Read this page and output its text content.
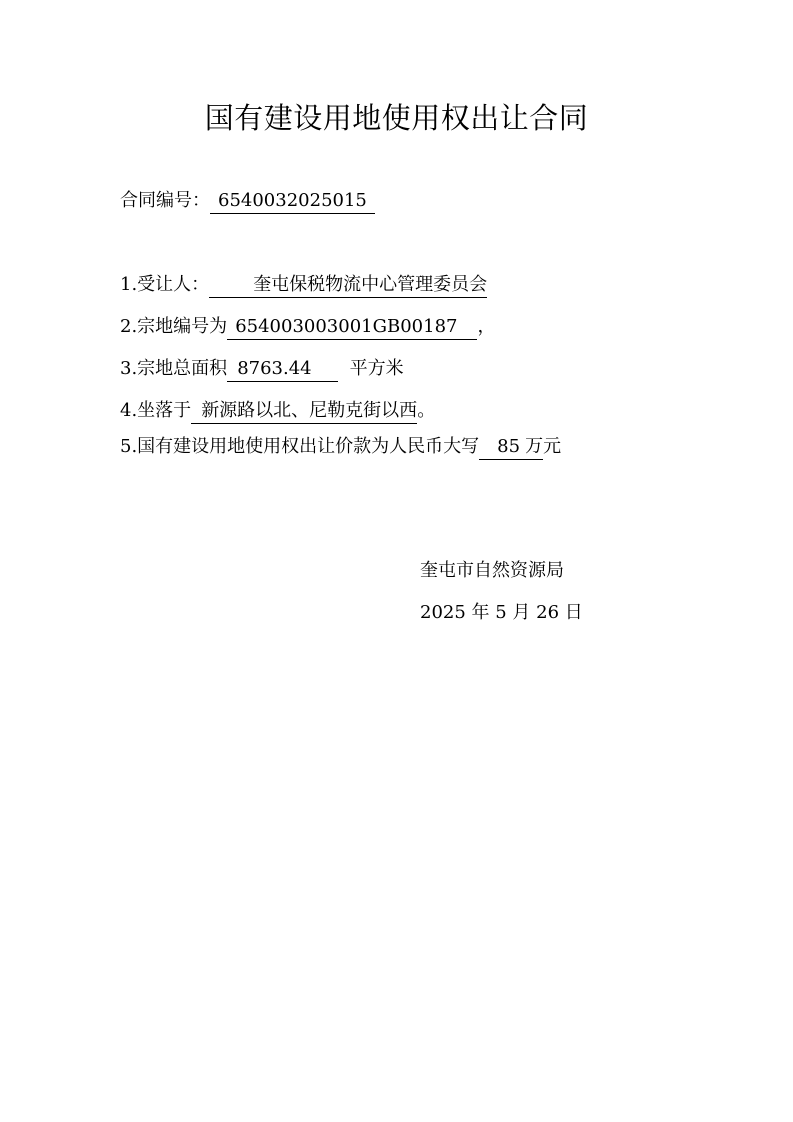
国有建设用地使用权出让合同
合同编号： 6540032025015
1.受让人： 奎屯保税物流中心管理委员会
2.宗地编号为 654003003001GB00187 ，
3.宗地总面积 8763.44 平方米
4.坐落于 新源路以北、尼勒克街以西。
5.国有建设用地使用权出让价款为人民币大写 85 万元
奎屯市自然资源局
2025 年 5 月 26 日
